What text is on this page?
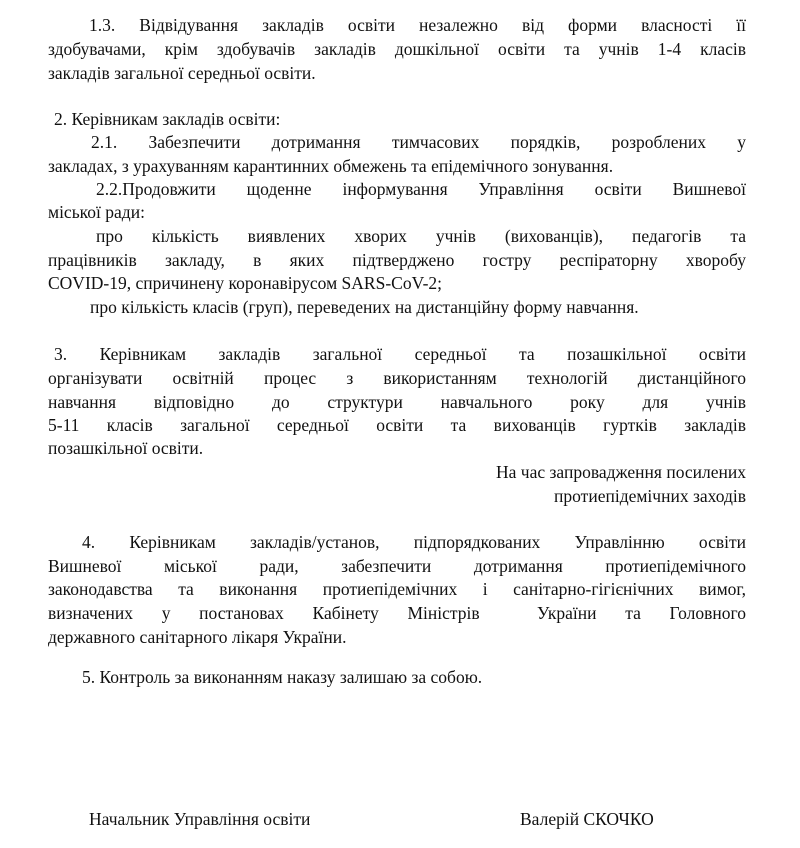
1.3. Відвідування закладів освіти незалежно від форми власності її
здобувачами, крім здобувачів закладів дошкільної освіти та учнів 1-4 класів
закладів загальної середньої освіти.
2. Керівникам закладів освіти:
2.1. Забезпечити дотримання тимчасових порядків, розроблених у
закладах, з урахуванням карантинних обмежень та епідемічного зонування.
2.2.Продовжити щоденне інформування Управління освіти Вишневої
міської ради:
про кількість виявлених хворих учнів (вихованців), педагогів та
працівників закладу, в яких підтверджено гостру респіраторну хворобу
COVID-19, спричинену коронавірусом SARS-CoV-2;
про кількість класів (груп), переведених на дистанційну форму навчання.
3. Керівникам закладів загальної середньої та позашкільної освіти
організувати освітній процес з використанням технологій дистанційного
навчання відповідно до структури навчального року для учнів
5-11 класів загальної середньої освіти та вихованців гуртків закладів
позашкільної освіти.
На час запровадження посилених
протиепідемічних заходів
4. Керівникам закладів/установ, підпорядкованих Управлінню освіти
Вишневої міської ради, забезпечити дотримання протиепідемічного
законодавства та виконання протиепідемічних і санітарно-гігієнічних вимог,
визначених у постановах Кабінету Міністрів  України та Головного
державного санітарного лікаря України.
5. Контроль за виконанням наказу залишаю за собою.
Начальник Управління освіти	Валерій СКОЧКО
